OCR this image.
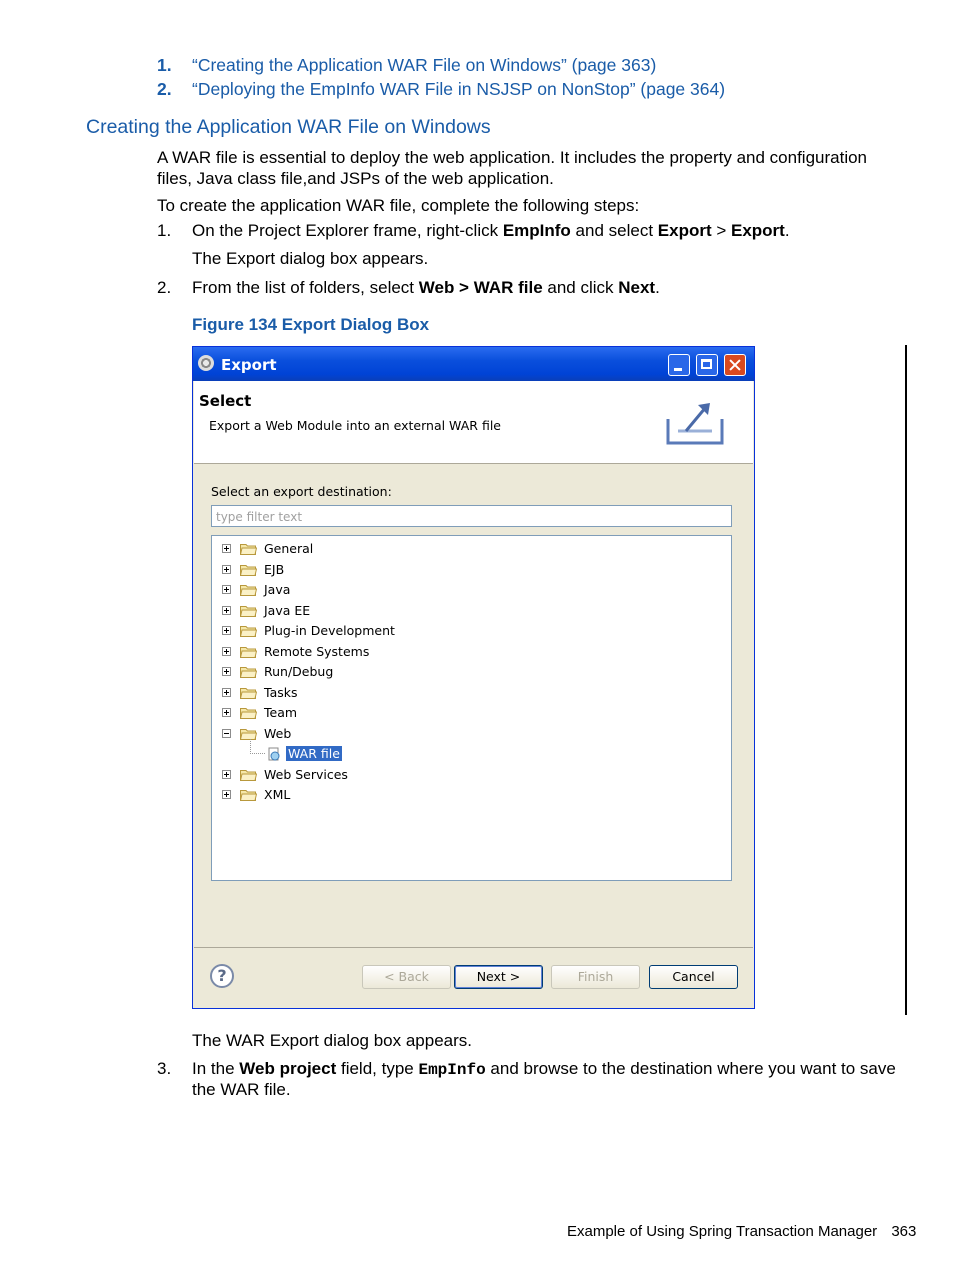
1. “Creating the Application WAR File on Windows” (page 363)
2. “Deploying the EmpInfo WAR File in NSJSP on NonStop” (page 364)
Creating the Application WAR File on Windows
A WAR file is essential to deploy the web application. It includes the property and configuration
files, Java class file,and JSPs of the web application.
To create the application WAR file, complete the following steps:
1. On the Project Explorer frame, right-click EmpInfo and select Export > Export.
The Export dialog box appears.
2. From the list of folders, select Web > WAR file and click Next.
Figure 134 Export Dialog Box
Export
Select
Export a Web Module into an external WAR file
Select an export destination:
type filter text
General
EJB
Java
Java EE
Plug-in Development
Remote Systems
Run/Debug
Tasks
Team
Web
WAR file
Web Services
XML
?	< Back	Next >	Finish	Cancel
The WAR Export dialog box appears.
3. In the Web project field, type EmpInfo and browse to the destination where you want to save
the WAR file.
Example of Using Spring Transaction Manager 363
